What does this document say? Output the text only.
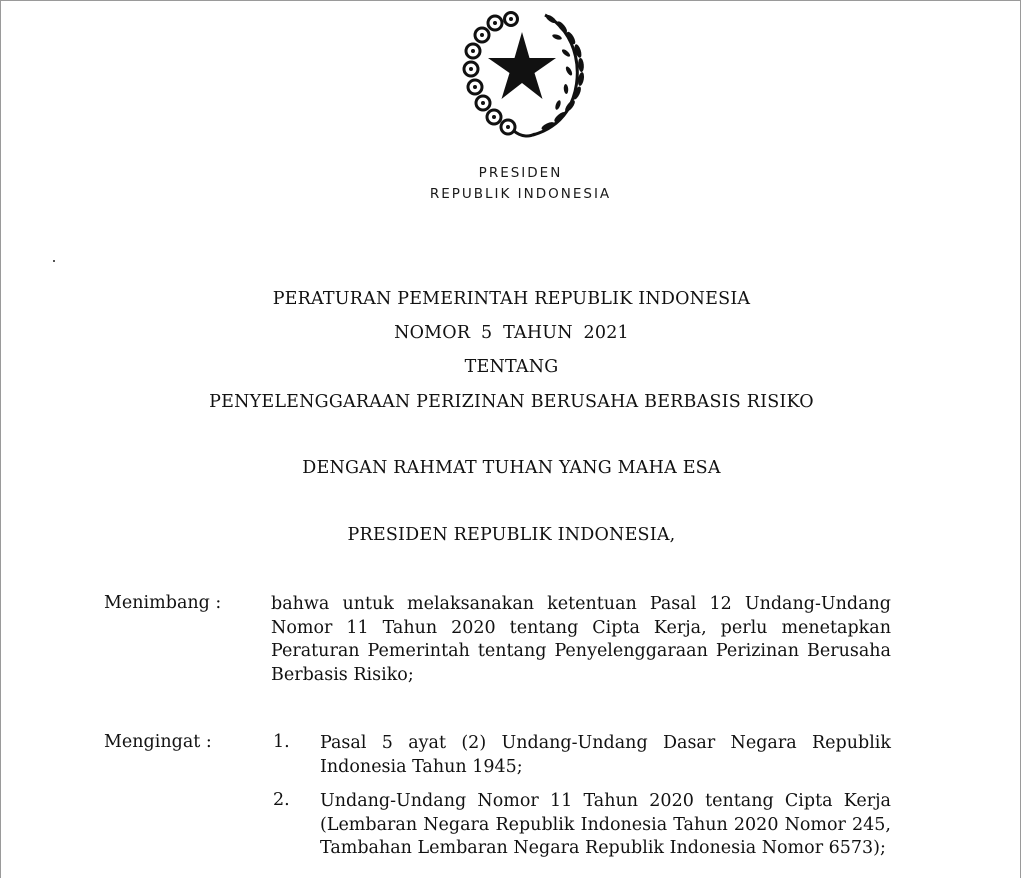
PRESIDEN
REPUBLIK INDONESIA
PERATURAN PEMERINTAH REPUBLIK INDONESIA
NOMOR 5 TAHUN 2021
TENTANG
PENYELENGGARAAN PERIZINAN BERUSAHA BERBASIS RISIKO
DENGAN RAHMAT TUHAN YANG MAHA ESA
PRESIDEN REPUBLIK INDONESIA,
Menimbang :	bahwa untuk melaksanakan ketentuan Pasal 12 Undang-Undang Nomor 11 Tahun 2020 tentang Cipta Kerja, perlu menetapkan Peraturan Pemerintah tentang Penyelenggaraan Perizinan Berusaha Berbasis Risiko;
Mengingat :	1. Pasal 5 ayat (2) Undang-Undang Dasar Negara Republik Indonesia Tahun 1945;
2. Undang-Undang Nomor 11 Tahun 2020 tentang Cipta Kerja (Lembaran Negara Republik Indonesia Tahun 2020 Nomor 245, Tambahan Lembaran Negara Republik Indonesia Nomor 6573);
